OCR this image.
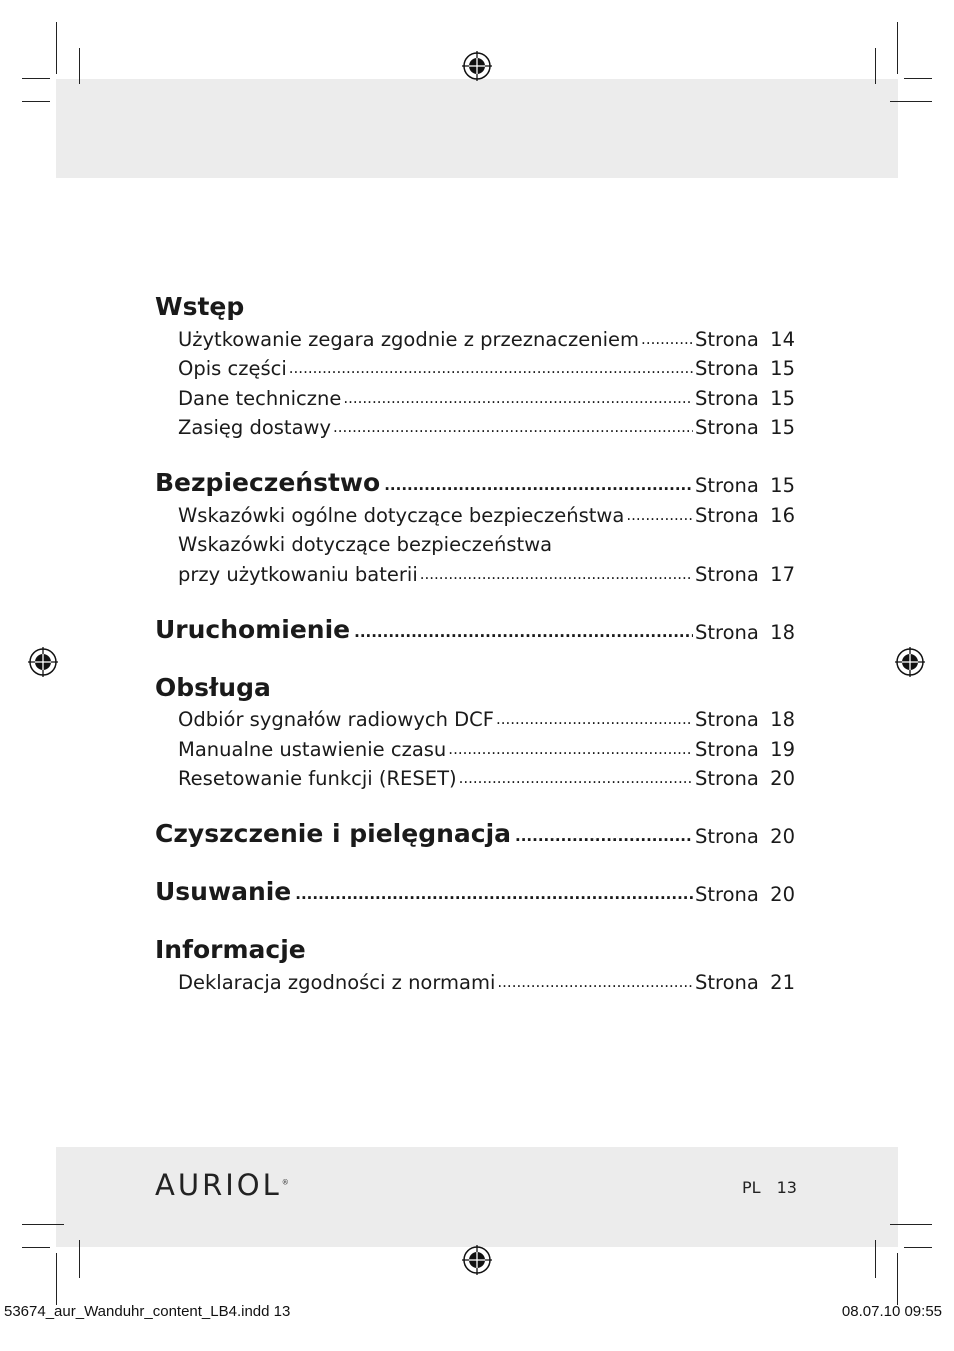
Wstęp
Użytkowanie zegara zgodnie z przeznaczeniem .....	Strona 14
Opis części .....	Strona 15
Dane techniczne .....	Strona 15
Zasięg dostawy .....	Strona 15
Bezpieczeństwo .....	Strona 15
Wskazówki ogólne dotyczące bezpieczeństwa .....	Strona 16
Wskazówki dotyczące bezpieczeństwa
przy użytkowaniu baterii .....	Strona 17
Uruchomienie .....	Strona 18
Obsługa
Odbiór sygnałów radiowych DCF .....	Strona 18
Manualne ustawienie czasu .....	Strona 19
Resetowanie funkcji (RESET) .....	Strona 20
Czyszczenie i pielęgnacja .....	Strona 20
Usuwanie .....	Strona 20
Informacje
Deklaracja zgodności z normami .....	Strona 21
AURIOL®	PL 13
53674_aur_Wanduhr_content_LB4.indd 13	08.07.10 09:55
